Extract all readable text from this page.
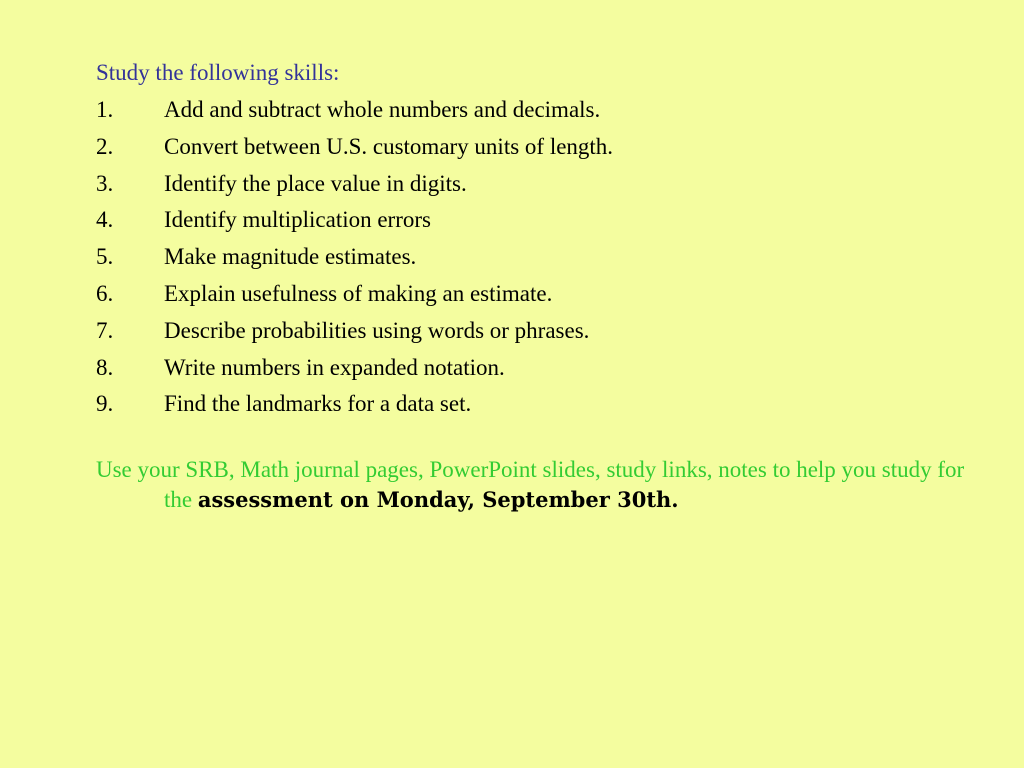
Study the following skills:

1.	Add and subtract whole numbers and decimals.
2.	Convert between U.S. customary units of length.
3.	Identify the place value in digits.
4.	Identify multiplication errors
5.	Make magnitude estimates.
6.	Explain usefulness of making an estimate.
7.	Describe probabilities using words or phrases.
8.	Write numbers in expanded notation.
9.	Find the landmarks for a data set.

Use your SRB, Math journal pages, PowerPoint slides, study links, notes to help you study for the assessment on Monday, September 30th.
